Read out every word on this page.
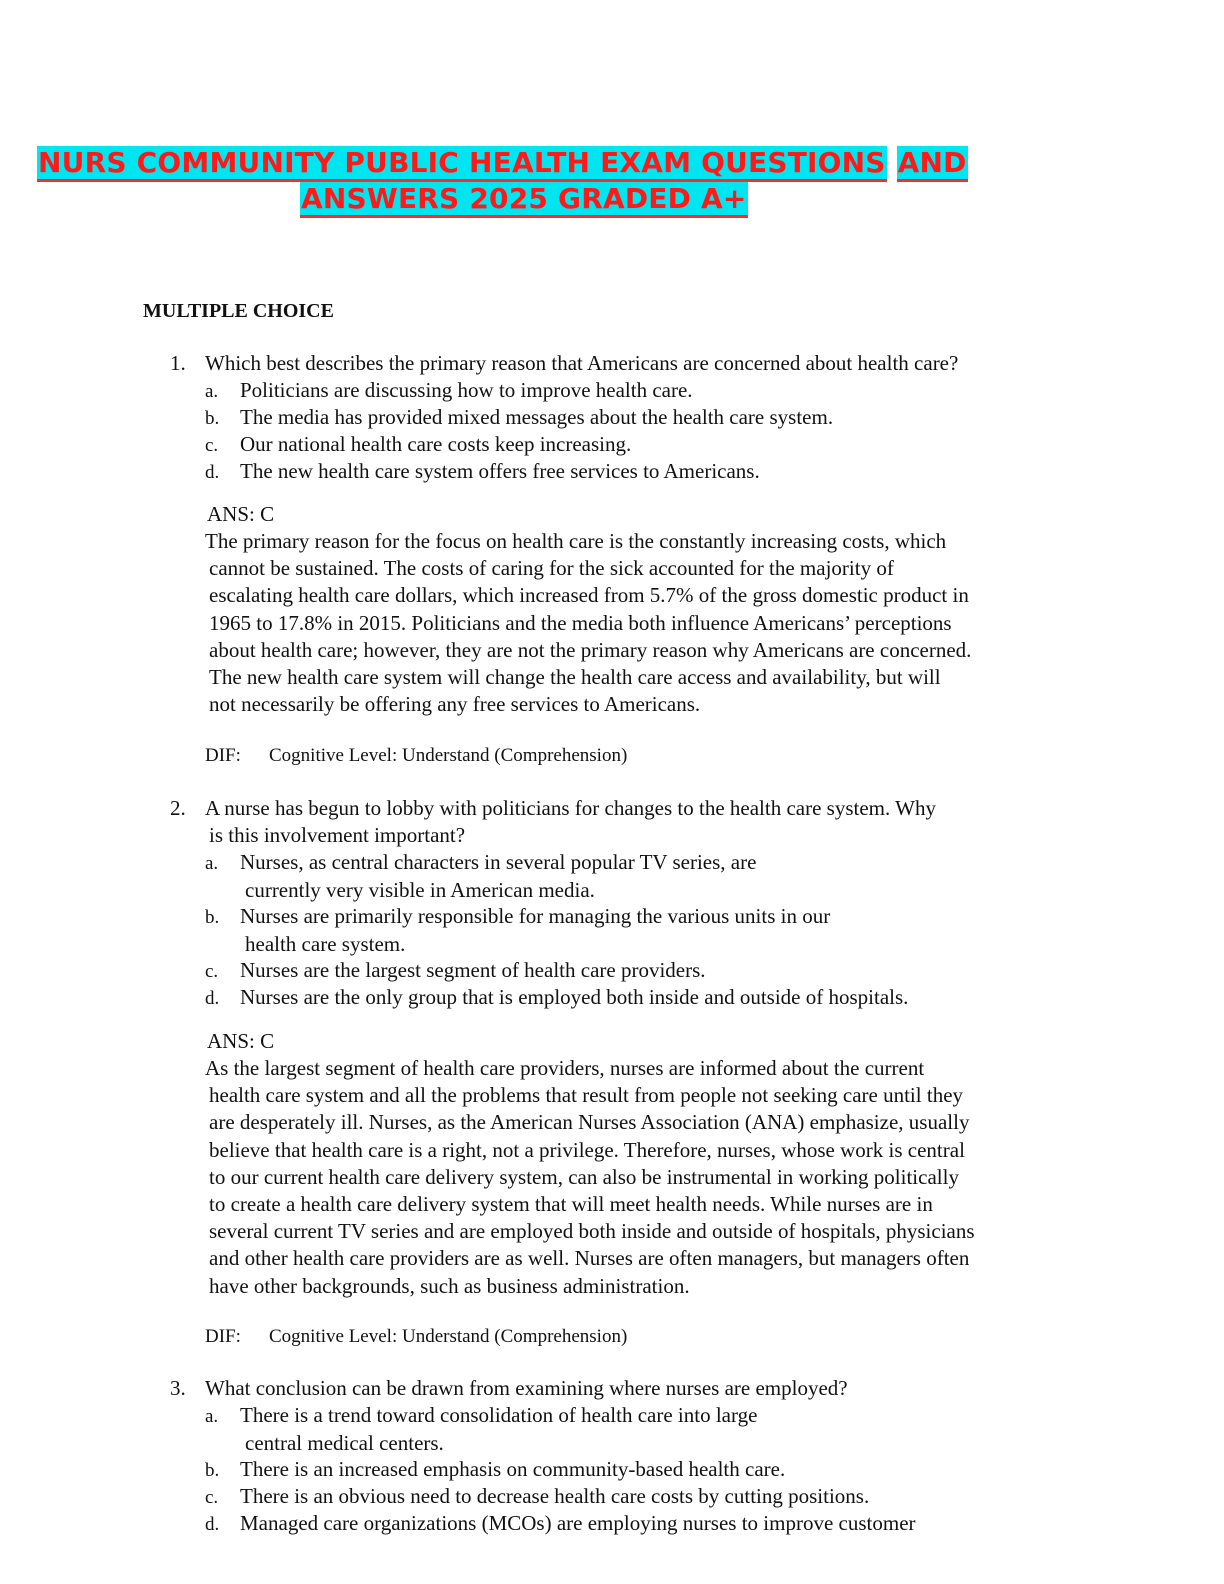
NURS COMMUNITY PUBLIC HEALTH EXAM QUESTIONS AND
ANSWERS 2025 GRADED A+
MULTIPLE CHOICE
1. Which best describes the primary reason that Americans are concerned about health care?
a. Politicians are discussing how to improve health care.
b. The media has provided mixed messages about the health care system.
c. Our national health care costs keep increasing.
d. The new health care system offers free services to Americans.
ANS: C
The primary reason for the focus on health care is the constantly increasing costs, which
cannot be sustained. The costs of caring for the sick accounted for the majority of
escalating health care dollars, which increased from 5.7% of the gross domestic product in
1965 to 17.8% in 2015. Politicians and the media both influence Americans’ perceptions
about health care; however, they are not the primary reason why Americans are concerned.
The new health care system will change the health care access and availability, but will
not necessarily be offering any free services to Americans.
DIF: Cognitive Level: Understand (Comprehension)
2. A nurse has begun to lobby with politicians for changes to the health care system. Why
is this involvement important?
a. Nurses, as central characters in several popular TV series, are
currently very visible in American media.
b. Nurses are primarily responsible for managing the various units in our
health care system.
c. Nurses are the largest segment of health care providers.
d. Nurses are the only group that is employed both inside and outside of hospitals.
ANS: C
As the largest segment of health care providers, nurses are informed about the current
health care system and all the problems that result from people not seeking care until they
are desperately ill. Nurses, as the American Nurses Association (ANA) emphasize, usually
believe that health care is a right, not a privilege. Therefore, nurses, whose work is central
to our current health care delivery system, can also be instrumental in working politically
to create a health care delivery system that will meet health needs. While nurses are in
several current TV series and are employed both inside and outside of hospitals, physicians
and other health care providers are as well. Nurses are often managers, but managers often
have other backgrounds, such as business administration.
DIF: Cognitive Level: Understand (Comprehension)
3. What conclusion can be drawn from examining where nurses are employed?
a. There is a trend toward consolidation of health care into large
central medical centers.
b. There is an increased emphasis on community-based health care.
c. There is an obvious need to decrease health care costs by cutting positions.
d. Managed care organizations (MCOs) are employing nurses to improve customer
